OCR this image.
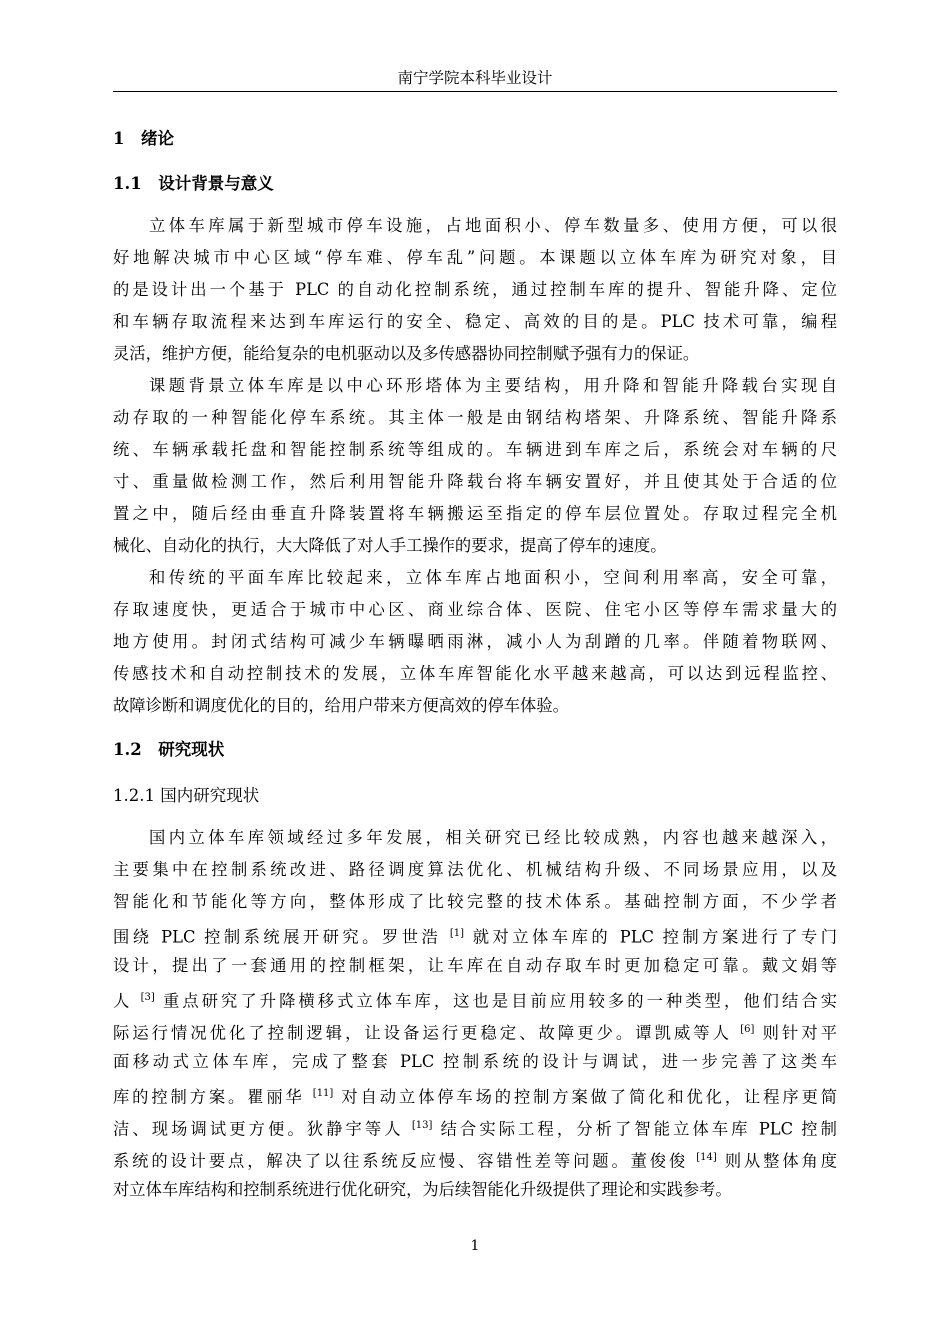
南宁学院本科毕业设计
1　绪论
1.1　设计背景与意义
立体车库属于新型城市停车设施，占地面积小、停车数量多、使用方便，可以很
好地解决城市中心区域“停车难、停车乱”问题。本课题以立体车库为研究对象，目
的是设计出一个基于 PLC 的自动化控制系统，通过控制车库的提升、智能升降、定位
和车辆存取流程来达到车库运行的安全、稳定、高效的目的是。PLC 技术可靠，编程
灵活，维护方便，能给复杂的电机驱动以及多传感器协同控制赋予强有力的保证。
课题背景立体车库是以中心环形塔体为主要结构，用升降和智能升降载台实现自
动存取的一种智能化停车系统。其主体一般是由钢结构塔架、升降系统、智能升降系
统、车辆承载托盘和智能控制系统等组成的。车辆进到车库之后，系统会对车辆的尺
寸、重量做检测工作，然后利用智能升降载台将车辆安置好，并且使其处于合适的位
置之中，随后经由垂直升降装置将车辆搬运至指定的停车层位置处。存取过程完全机
械化、自动化的执行，大大降低了对人手工操作的要求，提高了停车的速度。
和传统的平面车库比较起来，立体车库占地面积小，空间利用率高，安全可靠，
存取速度快，更适合于城市中心区、商业综合体、医院、住宅小区等停车需求量大的
地方使用。封闭式结构可减少车辆曝晒雨淋，减小人为刮蹭的几率。伴随着物联网、
传感技术和自动控制技术的发展，立体车库智能化水平越来越高，可以达到远程监控、
故障诊断和调度优化的目的，给用户带来方便高效的停车体验。
1.2　研究现状
1.2.1 国内研究现状
国内立体车库领域经过多年发展，相关研究已经比较成熟，内容也越来越深入，
主要集中在控制系统改进、路径调度算法优化、机械结构升级、不同场景应用，以及
智能化和节能化等方向，整体形成了比较完整的技术体系。基础控制方面，不少学者
围绕 PLC 控制系统展开研究。罗世浩 [1] 就对立体车库的 PLC 控制方案进行了专门
设计，提出了一套通用的控制框架，让车库在自动存取车时更加稳定可靠。戴文娟等
人 [3] 重点研究了升降横移式立体车库，这也是目前应用较多的一种类型，他们结合实
际运行情况优化了控制逻辑，让设备运行更稳定、故障更少。谭凯威等人 [6] 则针对平
面移动式立体车库，完成了整套 PLC 控制系统的设计与调试，进一步完善了这类车
库的控制方案。瞿丽华 [11] 对自动立体停车场的控制方案做了简化和优化，让程序更简
洁、现场调试更方便。狄静宇等人 [13] 结合实际工程，分析了智能立体车库 PLC 控制
系统的设计要点，解决了以往系统反应慢、容错性差等问题。董俊俊 [14] 则从整体角度
对立体车库结构和控制系统进行优化研究，为后续智能化升级提供了理论和实践参考。
1
